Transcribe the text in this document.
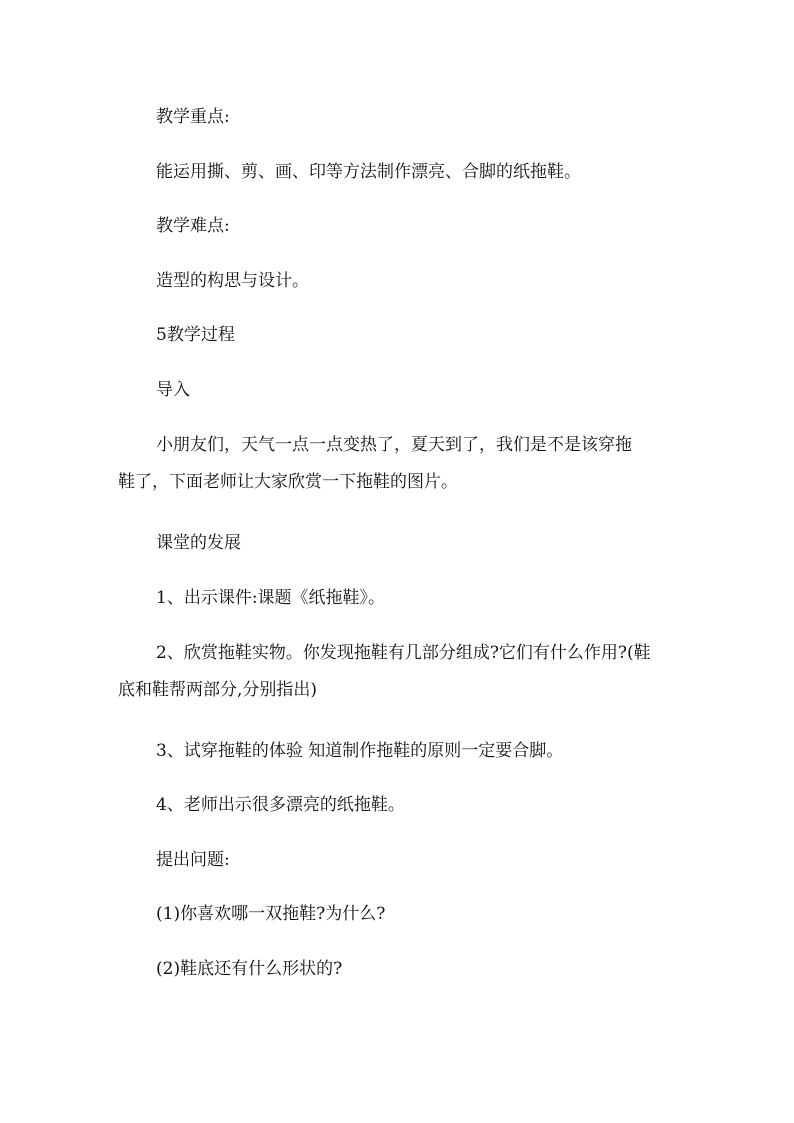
教学重点:

能运用撕、剪、画、印等方法制作漂亮、合脚的纸拖鞋。

教学难点:

造型的构思与设计。

5教学过程

导入

小朋友们，天气一点一点变热了，夏天到了，我们是不是该穿拖
鞋了，下面老师让大家欣赏一下拖鞋的图片。

课堂的发展

1、出示课件:课题《纸拖鞋》。

2、欣赏拖鞋实物。你发现拖鞋有几部分组成?它们有什么作用?(鞋
底和鞋帮两部分,分别指出)

3、试穿拖鞋的体验 知道制作拖鞋的原则一定要合脚。

4、老师出示很多漂亮的纸拖鞋。

提出问题:

(1)你喜欢哪一双拖鞋?为什么?

(2)鞋底还有什么形状的?
